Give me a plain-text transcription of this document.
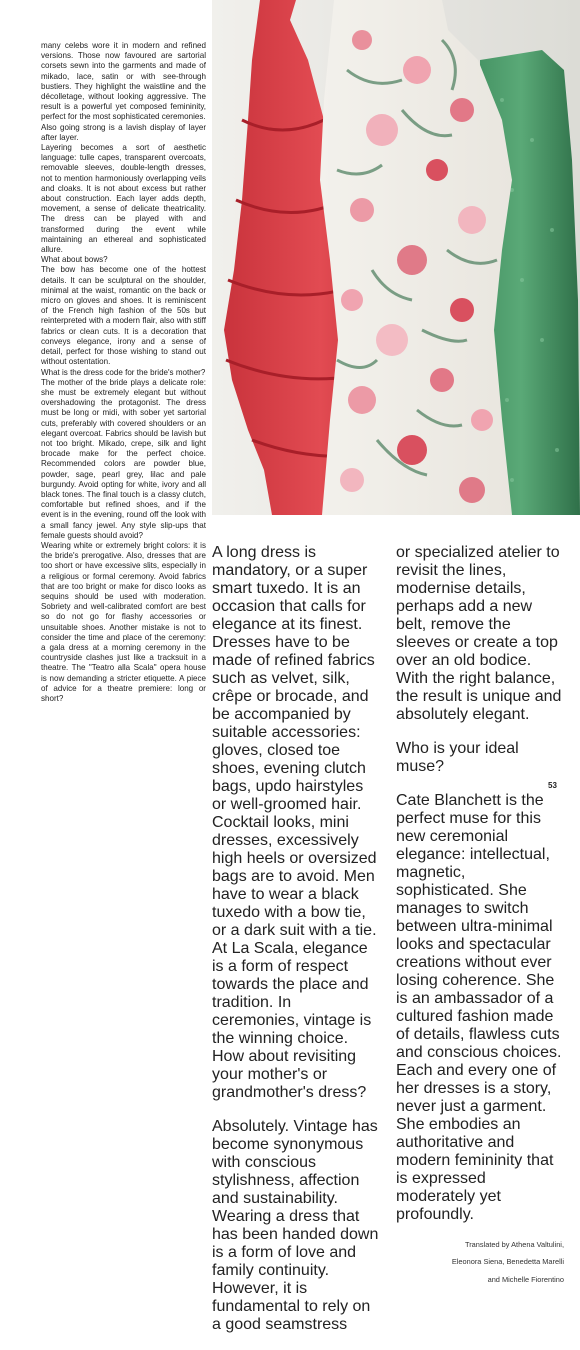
many celebs wore it in modern and refined versions. Those now favoured are sartorial corsets sewn into the garments and made of mikado, lace, satin or with see-through bustiers. They highlight the waistline and the décolletage, without looking aggressive. The result is a powerful yet composed femininity, perfect for the most sophisticated ceremonies.

Also going strong is a lavish display of layer after layer.

Layering becomes a sort of aesthetic language: tulle capes, transparent overcoats, removable sleeves, double-length dresses, not to mention harmoniously overlapping veils and cloaks. It is not about excess but rather about construction. Each layer adds depth, movement, a sense of delicate theatricality. The dress can be played with and transformed during the event while maintaining an ethereal and sophisticated allure.

What about bows?

The bow has become one of the hottest details. It can be sculptural on the shoulder, minimal at the waist, romantic on the back or micro on gloves and shoes. It is reminiscent of the French high fashion of the 50s but reinterpreted with a modern flair, also with stiff fabrics or clean cuts. It is a decoration that conveys elegance, irony and a sense of detail, perfect for those wishing to stand out without ostentation.

What is the dress code for the bride's mother?

The mother of the bride plays a delicate role: she must be extremely elegant but without overshadowing the protagonist. The dress must be long or midi, with sober yet sartorial cuts, preferably with covered shoulders or an elegant overcoat. Fabrics should be lavish but not too bright. Mikado, crepe, silk and light brocade make for the perfect choice. Recommended colors are powder blue, powder, sage, pearl grey, lilac and pale burgundy. Avoid opting for white, ivory and all black tones. The final touch is a classy clutch, comfortable but refined shoes, and if the event is in the evening, round off the look with a small fancy jewel. Any style slip-ups that female guests should avoid?

Wearing white or extremely bright colors: it is the bride's prerogative. Also, dresses that are too short or have excessive slits, especially in a religious or formal ceremony. Avoid fabrics that are too bright or make for disco looks as sequins should be used with moderation. Sobriety and well-calibrated comfort are best so do not go for flashy accessories or unsuitable shoes. Another mistake is not to consider the time and place of the ceremony: a gala dress at a morning ceremony in the countryside clashes just like a tracksuit in a theatre. The "Teatro alla Scala" opera house is now demanding a stricter etiquette. A piece of advice for a theatre premiere: long or short?

A long dress is mandatory, or a super smart tuxedo. It is an occasion that calls for elegance at its finest. Dresses have to be made of refined fabrics such as velvet, silk, crêpe or brocade, and be accompanied by suitable accessories: gloves, closed toe shoes, evening clutch bags, updo hairstyles or well-groomed hair. Cocktail looks, mini dresses, excessively high heels or oversized bags are to avoid. Men have to wear a black tuxedo with a bow tie, or a dark suit with a tie. At La Scala, elegance is a form of respect towards the place and tradition. In ceremonies, vintage is the winning choice. How about revisiting your mother's or grandmother's dress?

Absolutely. Vintage has become synonymous with conscious stylishness, affection and sustainability. Wearing a dress that has been handed down is a form of love and family continuity. However, it is fundamental to rely on a good seamstress

or specialized atelier to revisit the lines, modernise details, perhaps add a new belt, remove the sleeves or create a top over an old bodice. With the right balance, the result is unique and absolutely elegant.

Who is your ideal muse?

Cate Blanchett is the perfect muse for this new ceremonial elegance: intellectual, magnetic, sophisticated. She manages to switch between ultra-minimal looks and spectacular creations without ever losing coherence. She is an ambassador of a cultured fashion made of details, flawless cuts and conscious choices. Each and every one of her dresses is a story, never just a garment. She embodies an authoritative and modern femininity that is expressed moderately yet profoundly.

Translated by Athena Valtulini,

Eleonora Siena, Benedetta Marelli

and Michelle Fiorentino

53
